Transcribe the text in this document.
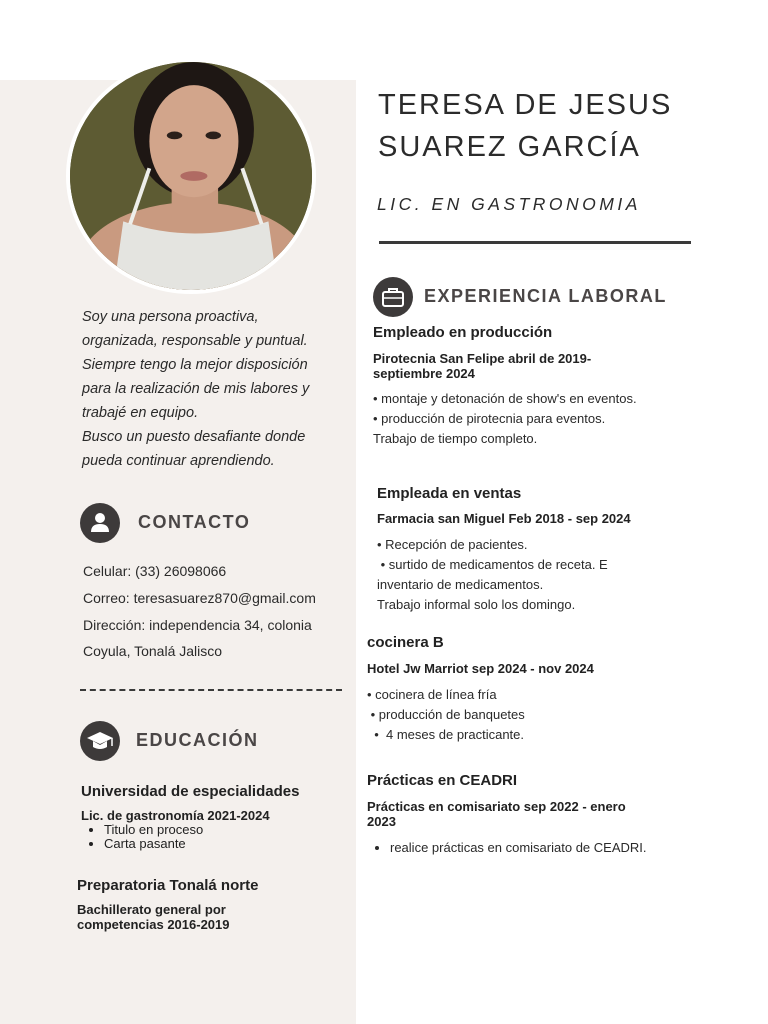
Soy una persona proactiva,
organizada, responsable y puntual.
Siempre tengo la mejor disposición
para la realización de mis labores y
trabajé en equipo.
Busco un puesto desafiante donde
pueda continuar aprendiendo.
CONTACTO
Celular: (33) 26098066
Correo: teresasuarez870@gmail.com
Dirección: independencia 34, colonia
Coyula, Tonalá Jalisco
EDUCACIÓN
Universidad de especialidades
Lic. de gastronomía 2021-2024
• Titulo en proceso
• Carta pasante
Preparatoria Tonalá norte
Bachillerato general por
competencias 2016-2019
TERESA DE JESUS
SUAREZ GARCÍA
LIC. EN GASTRONOMIA
EXPERIENCIA LABORAL
Empleado en producción
Pirotecnia San Felipe abril de 2019-
septiembre 2024
• montaje y detonación de show's en eventos.
• producción de pirotecnia para eventos.
Trabajo de tiempo completo.
Empleada en ventas
Farmacia san Miguel Feb 2018 - sep 2024
• Recepción de pacientes.
• surtido de medicamentos de receta. E
inventario de medicamentos.
Trabajo informal solo los domingo.
cocinera B
Hotel Jw Marriot sep 2024 - nov 2024
• cocinera de línea fría
• producción de banquetes
•  4 meses de practicante.
Prácticas en CEADRI
Prácticas en comisariato sep 2022 - enero
2023
• realice prácticas en comisariato de CEADRI.
